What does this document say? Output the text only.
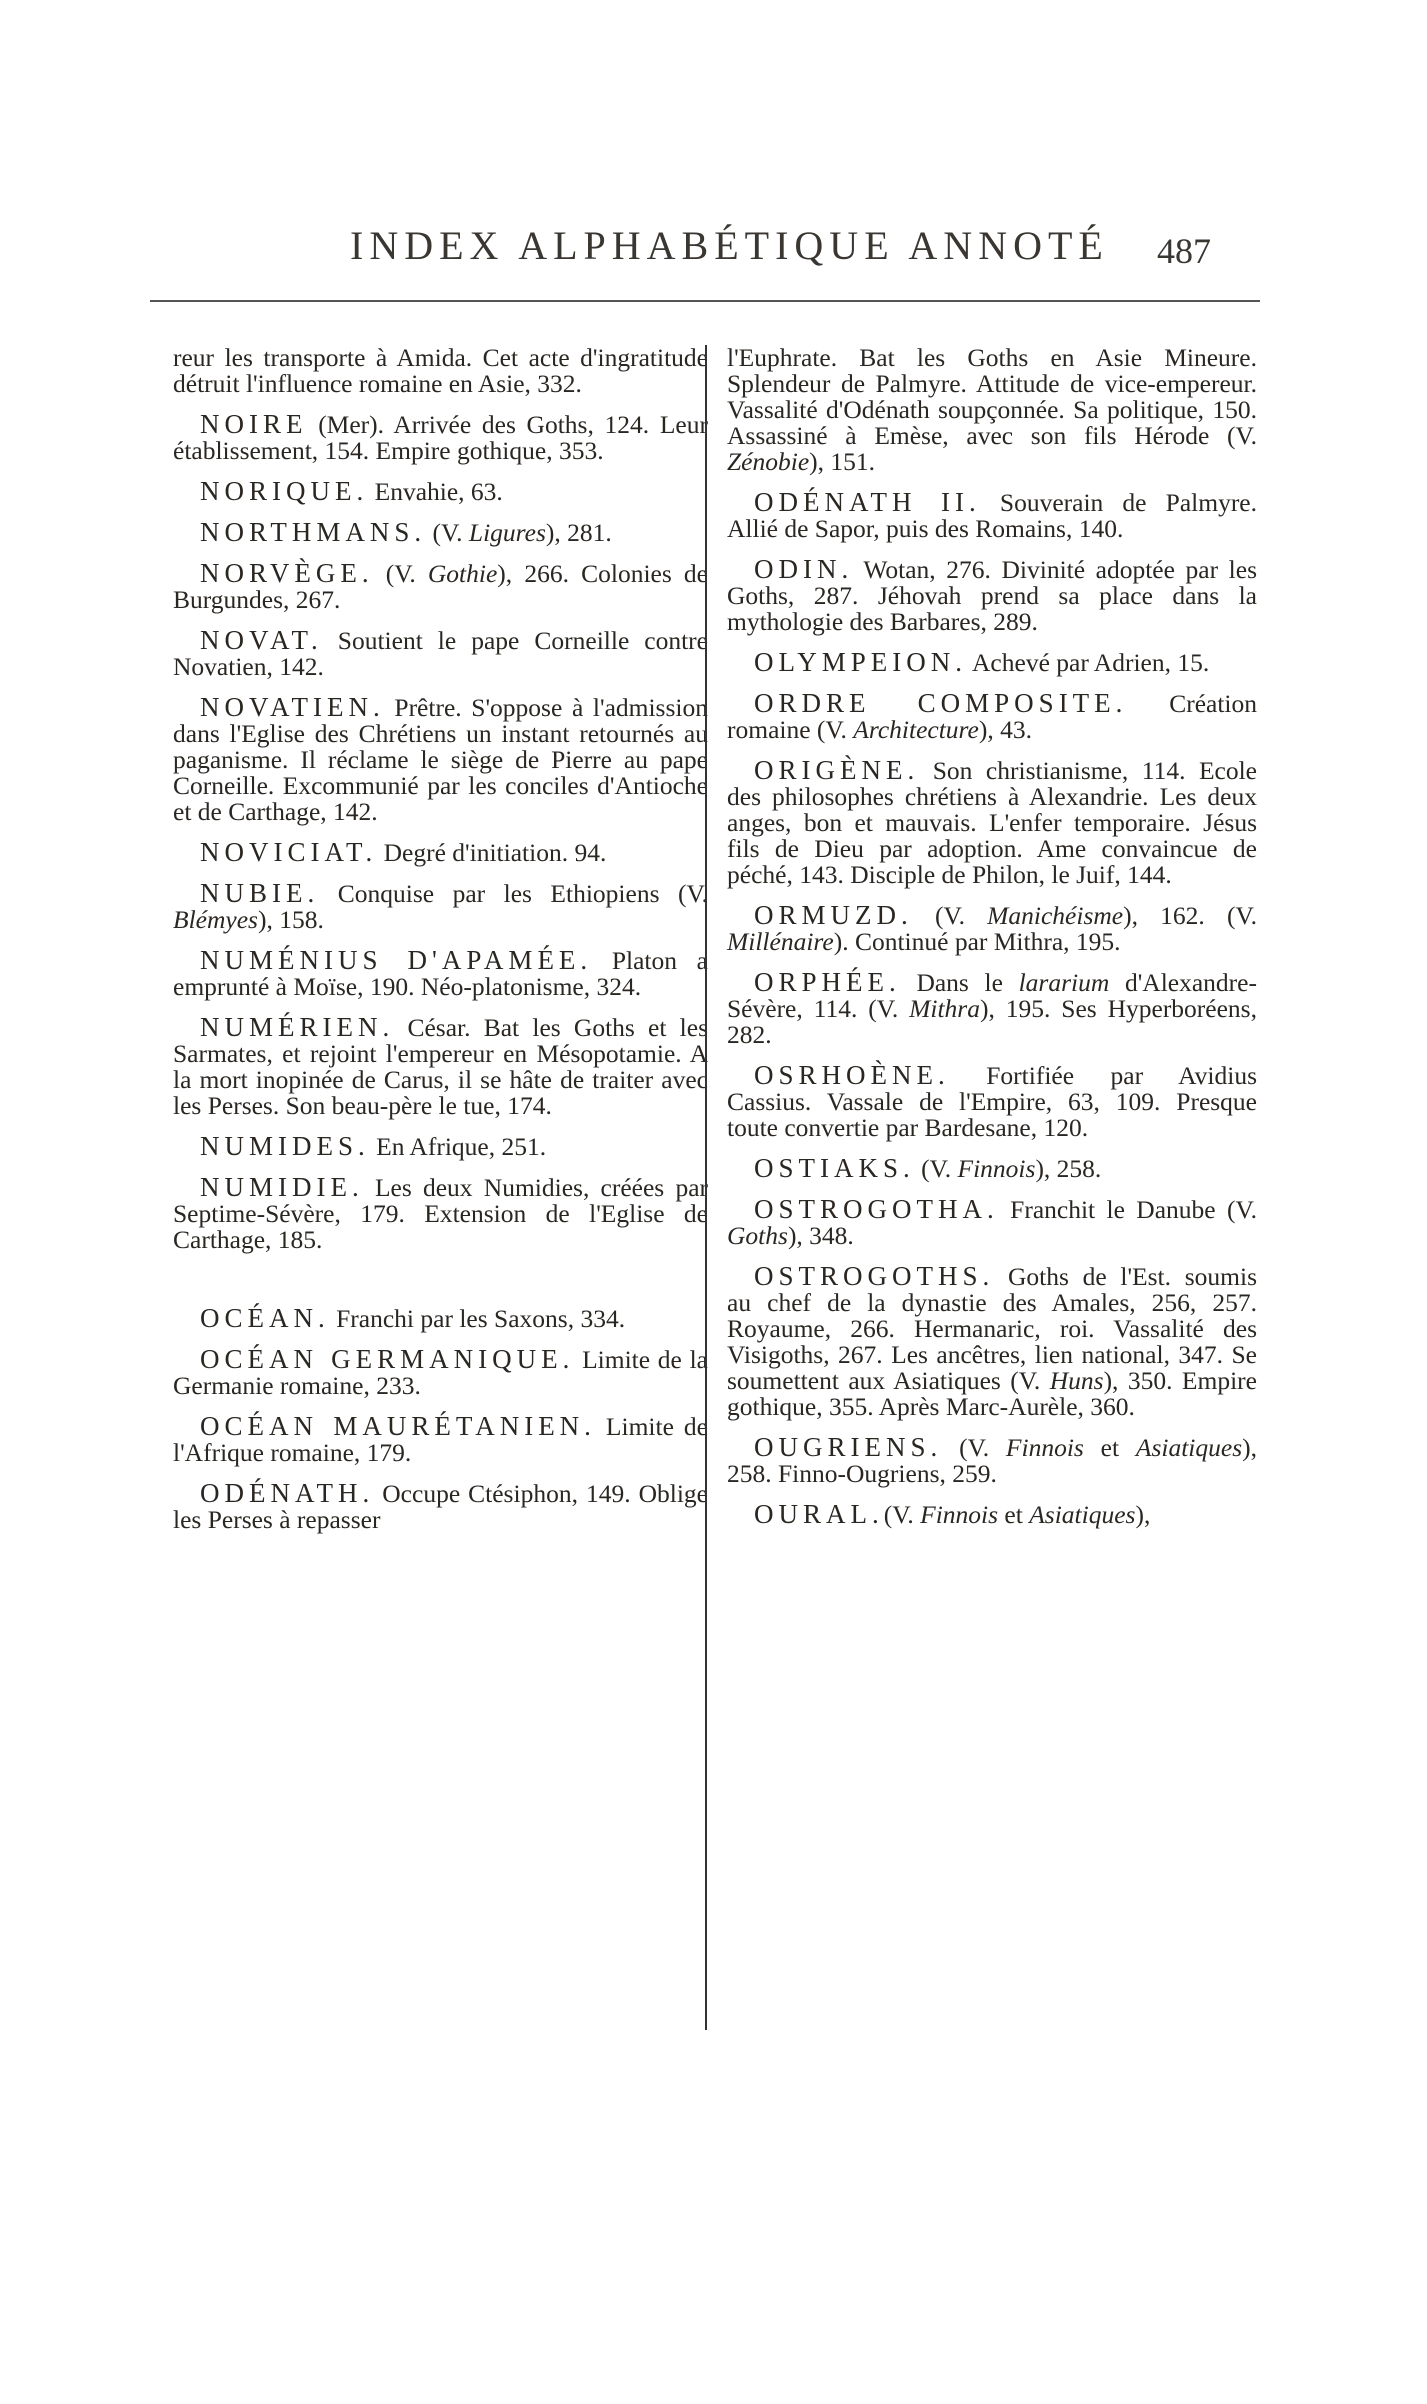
INDEX ALPHABÉTIQUE ANNOTÉ 487

reur les transporte à Amida. Cet acte d'ingratitude détruit l'influence romaine en Asie, 332.

NOIRE (Mer). Arrivée des Goths, 124. Leur établissement, 154. Empire gothique, 353.

NORIQUE. Envahie, 63.

NORTHMANS. (V. Ligures), 281.

NORVÈGE. (V. Gothie), 266. Colonies de Burgundes, 267.

NOVAT. Soutient le pape Corneille contre Novatien, 142.

NOVATIEN. Prêtre. S'oppose à l'admission dans l'Eglise des Chrétiens un instant retournés au paganisme. Il réclame le siège de Pierre au pape Corneille. Excommunié par les conciles d'Antioche et de Carthage, 142.

NOVICIAT. Degré d'initiation. 94.

NUBIE. Conquise par les Ethiopiens (V. Blémyes), 158.

NUMÉNIUS D'APAMÉE. Platon a emprunté à Moïse, 190. Néo-platonisme, 324.

NUMÉRIEN. César. Bat les Goths et les Sarmates, et rejoint l'empereur en Mésopotamie. A la mort inopinée de Carus, il se hâte de traiter avec les Perses. Son beau-père le tue, 174.

NUMIDES. En Afrique, 251.

NUMIDIE. Les deux Numidies, créées par Septime-Sévère, 179. Extension de l'Eglise de Carthage, 185.

OCÉAN. Franchi par les Saxons, 334.

OCÉAN GERMANIQUE. Limite de la Germanie romaine, 233.

OCÉAN MAURÉTANIEN. Limite de l'Afrique romaine, 179.

ODÉNATH. Occupe Ctésiphon, 149. Oblige les Perses à repasser

l'Euphrate. Bat les Goths en Asie Mineure. Splendeur de Palmyre. Attitude de vice-empereur. Vassalité d'Odénath soupçonnée. Sa politique, 150. Assassiné à Emèse, avec son fils Hérode (V. Zénobie), 151.

ODÉNATH II. Souverain de Palmyre. Allié de Sapor, puis des Romains, 140.

ODIN. Wotan, 276. Divinité adoptée par les Goths, 287. Jéhovah prend sa place dans la mythologie des Barbares, 289.

OLYMPEION. Achevé par Adrien, 15.

ORDRE COMPOSITE. Création romaine (V. Architecture), 43.

ORIGÈNE. Son christianisme, 114. Ecole des philosophes chrétiens à Alexandrie. Les deux anges, bon et mauvais. L'enfer temporaire. Jésus fils de Dieu par adoption. Ame convaincue de péché, 143. Disciple de Philon, le Juif, 144.

ORMUZD. (V. Manichéisme), 162. (V. Millénaire). Continué par Mithra, 195.

ORPHÉE. Dans le lararium d'Alexandre-Sévère, 114. (V. Mithra), 195. Ses Hyperboréens, 282.

OSRHOÈNE. Fortifiée par Avidius Cassius. Vassale de l'Empire, 63, 109. Presque toute convertie par Bardesane, 120.

OSTIAKS. (V. Finnois), 258.

OSTROGOTHA. Franchit le Danube (V. Goths), 348.

OSTROGOTHS. Goths de l'Est. soumis au chef de la dynastie des Amales, 256, 257. Royaume, 266. Hermanaric, roi. Vassalité des Visigoths, 267. Les ancêtres, lien national, 347. Se soumettent aux Asiatiques (V. Huns), 350. Empire gothique, 355. Après Marc-Aurèle, 360.

OUGRIENS. (V. Finnois et Asiatiques), 258. Finno-Ougriens, 259.

OURAL.(V. Finnois et Asiatiques),
